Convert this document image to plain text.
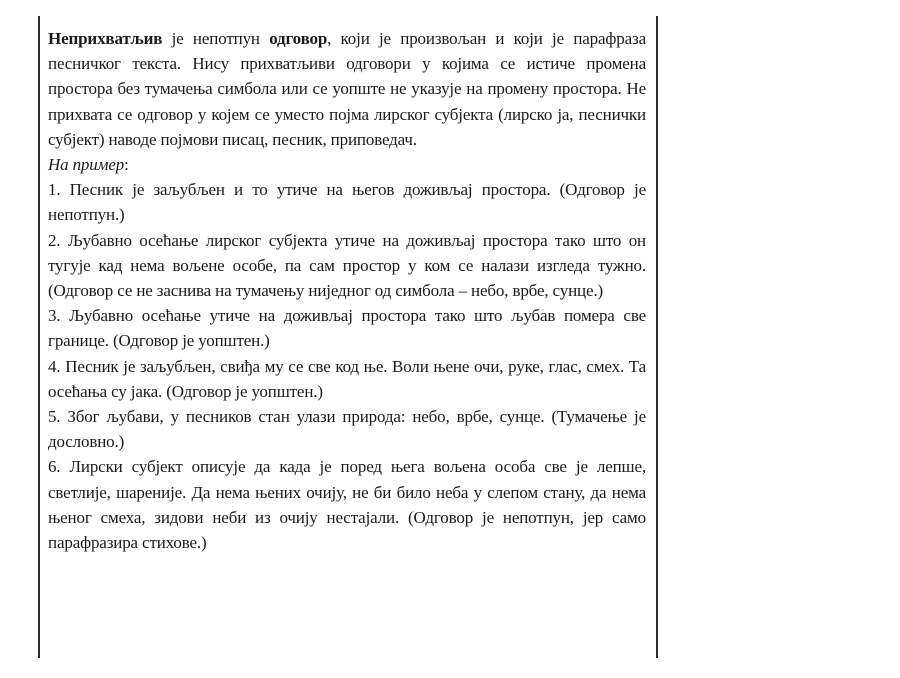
Неприхватљив је непотпун одговор, који је произвољан и који је парафраза песничког текста. Нису прихватљиви одговори у којима се истиче промена простора без тумачења симбола или се уопште не указује на промену простора. Не прихвата се одговор у којем се уместо појма лирског субјекта (лирско ја, песнички субјект) наводе појмови писац, песник, приповедач.

На пример:

1. Песник је заљубљен и то утиче на његов доживљај простора. (Одговор је непотпун.)

2. Љубавно осећање лирског субјекта утиче на доживљај простора тако што он тугује кад нема вољене особе, па сам простор у ком се налази изгледа тужно. (Одговор се не заснива на тумачењу ниједног од симбола – небо, врбе, сунце.)

3. Љубавно осећање утиче на доживљај простора тако што љубав помера све границе. (Одговор је уопштен.)

4. Песник је заљубљен, свиђа му се све код ње. Воли њене очи, руке, глас, смех. Та осећања су јака. (Одговор је уопштен.)

5. Због љубави, у песников стан улази природа: небо, врбе, сунце. (Тумачење је дословно.)

6. Лирски субјект описује да када је поред њега вољена особа све је лепше, светлије, шареније. Да нема њених очију, не би било неба у слепом стану, да нема њеног смеха, зидови неби из очију нестајали. (Одговор је непотпун, јер само парафразира стихове.)
